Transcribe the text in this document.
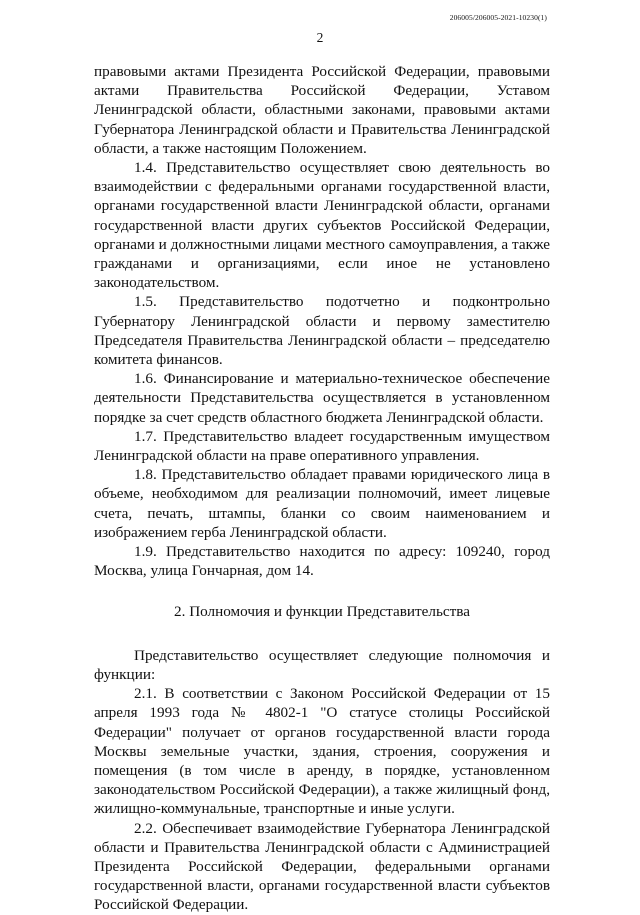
206005/206005-2021-10230(1)
2

правовыми актами Президента Российской Федерации, правовыми актами Правительства Российской Федерации, Уставом Ленинградской области, областными законами, правовыми актами Губернатора Ленинградской области и Правительства Ленинградской области, а также настоящим Положением.

1.4. Представительство осуществляет свою деятельность во взаимодействии с федеральными органами государственной власти, органами государственной власти Ленинградской области, органами государственной власти других субъектов Российской Федерации, органами и должностными лицами местного самоуправления, а также гражданами и организациями, если иное не установлено законодательством.

1.5. Представительство подотчетно и подконтрольно Губернатору Ленинградской области и первому заместителю Председателя Правительства Ленинградской области – председателю комитета финансов.

1.6. Финансирование и материально-техническое обеспечение деятельности Представительства осуществляется в установленном порядке за счет средств областного бюджета Ленинградской области.

1.7. Представительство владеет государственным имуществом Ленинградской области на праве оперативного управления.

1.8. Представительство обладает правами юридического лица в объеме, необходимом для реализации полномочий, имеет лицевые счета, печать, штампы, бланки со своим наименованием и изображением герба Ленинградской области.

1.9. Представительство находится по адресу: 109240, город Москва, улица Гончарная, дом 14.

2. Полномочия и функции Представительства

Представительство осуществляет следующие полномочия и функции:

2.1. В соответствии с Законом Российской Федерации от 15 апреля 1993 года № 4802-1 "О статусе столицы Российской Федерации" получает от органов государственной власти города Москвы земельные участки, здания, строения, сооружения и помещения (в том числе в аренду, в порядке, установленном законодательством Российской Федерации), а также жилищный фонд, жилищно-коммунальные, транспортные и иные услуги.

2.2. Обеспечивает взаимодействие Губернатора Ленинградской области и Правительства Ленинградской области с Администрацией Президента Российской Федерации, федеральными органами государственной власти, органами государственной власти субъектов Российской Федерации.
